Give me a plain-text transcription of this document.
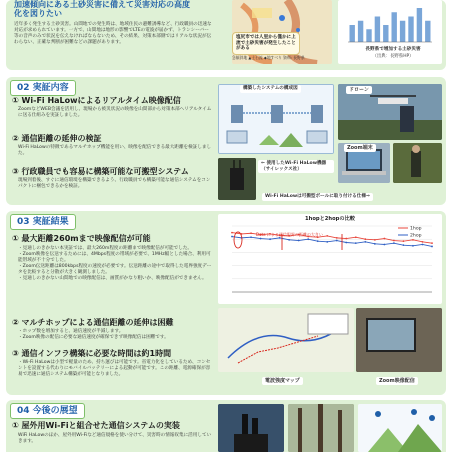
加速傾向にある土砂災害に備えて災害対応の高度
化を図りたい
近年多く発生する土砂災害。山間地での発生時は、地域住民の避難誘導など、行政職員の迅速な対応が求められています。一方で、山間地は地形の影響でLTEの電波が届かず、トランシーバー等の音声のみで状況を伝えなければならないため、その結果、対策本部側ではリアルな状況が伝わらない、正確な判断が困難などの課題があります。
塩尻市では人里から僅かに上流で土砂災害が発生したことがある
急傾斜地 ▲土石流 ◆地すべり 資料: 長野県
長野県で増加する土砂災害
（出典：長野県HP）
02 実証内容
① Wi-Fi HaLowによるリアルタイム映像配信
ZoomなどWEB会議を活用し、現場から被災状況の映像を山間部から対策本部へリアルタイムに送る仕組みを実証しました。
② 通信距離の延伸の検証
Wi-Fi HaLowの特徴であるマルチホップ機能を用い、映像を配信できる最大距離を検証しました。
③ 行政職員でも容易に構築可能な可搬型システム
現場到着後、すぐに通信環境を構築できるよう、行政職員でも構築可能な通信システムをコンパクトに梱包できるかを検証。
構築したシステムの構成図	ドローン
⇐ 使用したWi-Fi HaLow機器（サイレックス社）
Zoom端末
Wi-Fi HaLowは可搬型ボールに取り付ける仕様⇒
03 実証結果
① 最大距離260mまで映像配信が可能
・見通しのきかない本実証では、最大260m程度の距離まで映像配信が可能でした。
・Zoom映像を伝送するためには、4Mbps程度の帯域が必要で、1MHz幅とした場合、利用可能帯域が不十分でした。
・Zoom伝送距離は800kbps程度の速度が必要です。伝送距離の途中で取得した電界強度データを比較すると分散が大きく観測しました。
・見通しのきかない山間地での映像配信は、画質がかなり粗いか、映像配信ができません。
② マルチホップによる通信距離の延伸は困難
・ホップ数を増加すると、通信速度が半減します。
・Zoom映像の配信に必要な通信速度が確保できず映像配信は困難です。
③ 通信インフラ構築に必要な時間は約1時間
・Wi-Fi HaLowは小型で軽量のため、持ち運びは可能です。省電力化をしているため、コンセントを設置する代わりにモバイルバッテリーによる起動が可能です。この距離、電源確保が容易で迅速に通信システム構築が可能となりました。
1hopと2hopの比較
1hop
2hop
Data による通信限界の距離の大きい
電波強度マップ	Zoom映像配信
04 今後の展望
① 屋外用Wi-Fiと組合せた通信システムの実装
WiFi HaLowのほか、屋外用Wi-Fiなど通信規格を使い分けて、災害時の情報収集に活用していきます。
